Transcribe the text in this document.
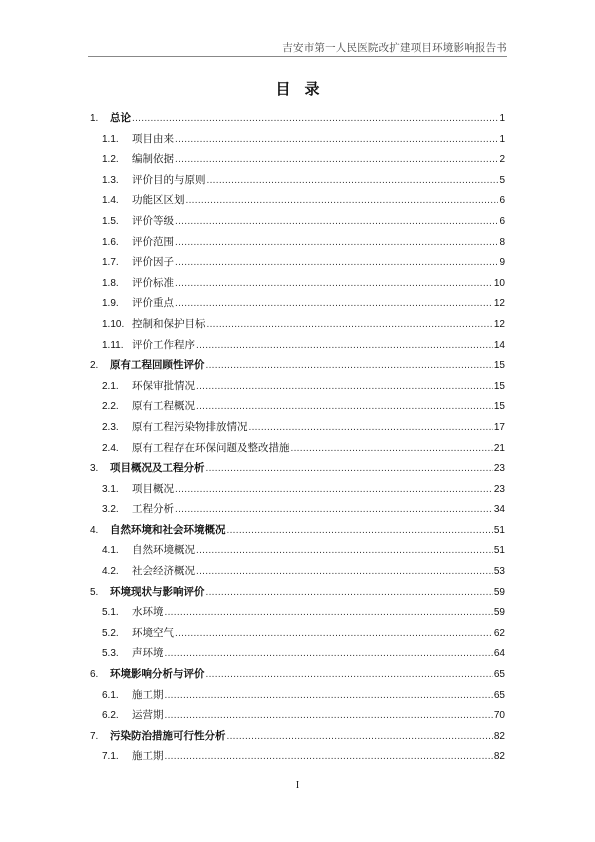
吉安市第一人民医院改扩建项目环境影响报告书
目录
1.	总论 .....	1
1.1.	项目由来 .....	1
1.2.	编制依据 .....	2
1.3.	评价目的与原则 .....	5
1.4.	功能区区划 .....	6
1.5.	评价等级 .....	6
1.6.	评价范围 .....	8
1.7.	评价因子 .....	9
1.8.	评价标准 .....	10
1.9.	评价重点 .....	12
1.10. 控制和保护目标 .....	12
1.11. 评价工作程序 .....	14
2.	原有工程回顾性评价 .....	15
2.1.	环保审批情况 .....	15
2.2.	原有工程概况 .....	15
2.3.	原有工程污染物排放情况 .....	17
2.4.	原有工程存在环保问题及整改措施 .....	21
3.	项目概况及工程分析 .....	23
3.1.	项目概况 .....	23
3.2.	工程分析 .....	34
4.	自然环境和社会环境概况 .....	51
4.1.	自然环境概况 .....	51
4.2.	社会经济概况 .....	53
5.	环境现状与影响评价 .....	59
5.1.	水环境 .....	59
5.2.	环境空气 .....	62
5.3.	声环境 .....	64
6.	环境影响分析与评价 .....	65
6.1.	施工期 .....	65
6.2.	运营期 .....	70
7.	污染防治措施可行性分析 .....	82
7.1.	施工期 .....	82
I
